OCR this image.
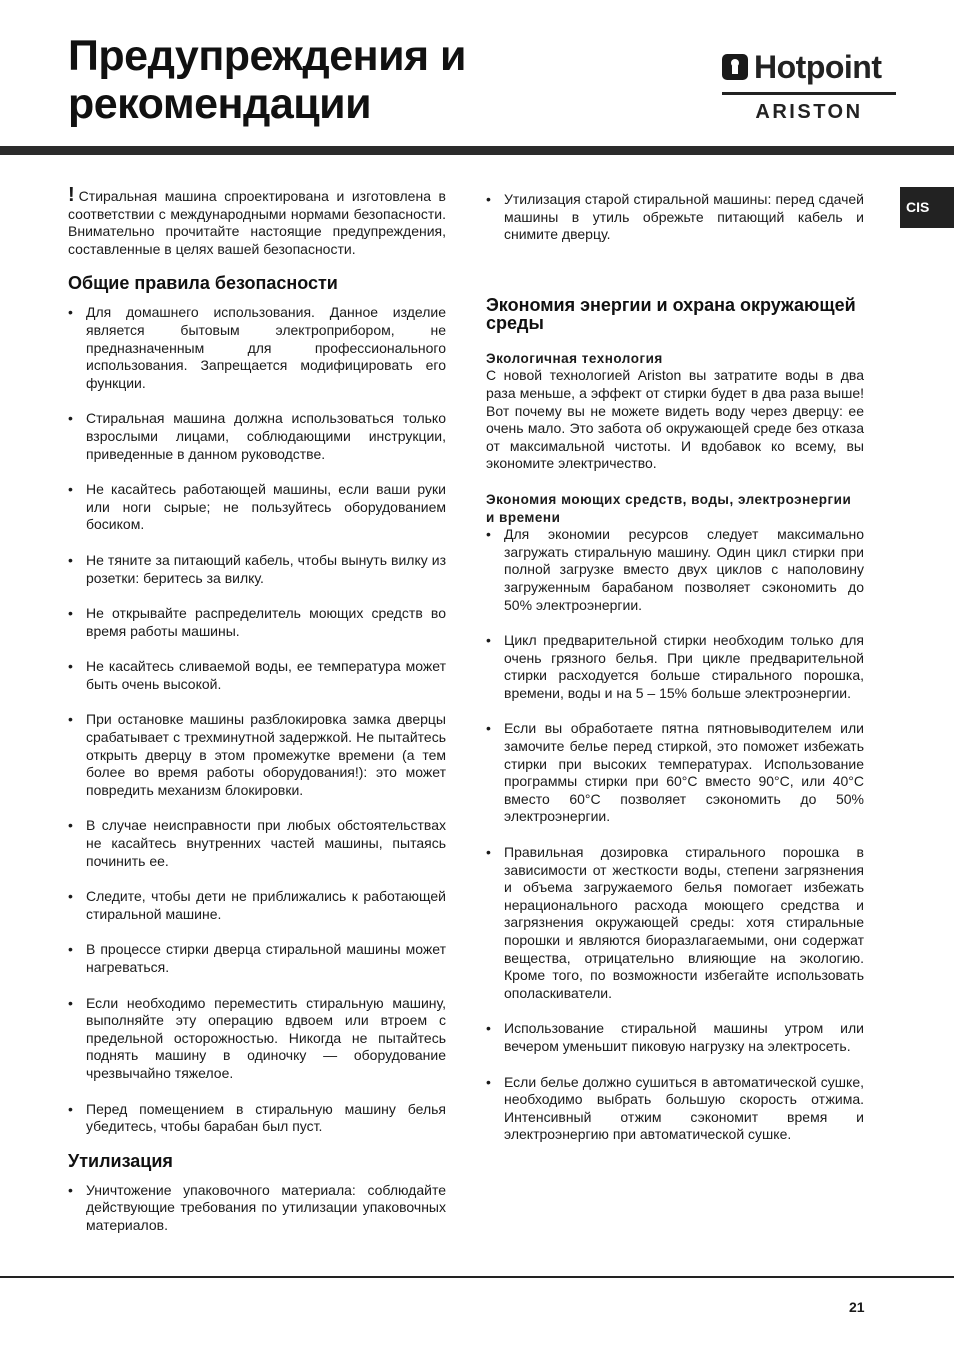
Предупреждения и рекомендации
Hotpoint
ARISTON
CIS

! Стиральная машина спроектирована и изготовлена в соответствии с международными нормами безопасности. Внимательно прочитайте настоящие предупреждения, составленные в целях вашей безопасности.

Общие правила безопасности
• Для домашнего использования. Данное изделие является бытовым электроприбором, не предназначенным для профессионального использования. Запрещается модифицировать его функции.
• Стиральная машина должна использоваться только взрослыми лицами, соблюдающими инструкции, приведенные в данном руководстве.
• Не касайтесь работающей машины, если ваши руки или ноги сырые; не пользуйтесь оборудованием босиком.
• Не тяните за питающий кабель, чтобы вынуть вилку из розетки: беритесь за вилку.
• Не открывайте распределитель моющих средств во время работы машины.
• Не касайтесь сливаемой воды, ее температура может быть очень высокой.
• При остановке машины разблокировка замка дверцы срабатывает с трехминутной задержкой. Не пытайтесь открыть дверцу в этом промежутке времени (а тем более во время работы оборудования!): это может повредить механизм блокировки.
• В случае неисправности при любых обстоятельствах не касайтесь внутренних частей машины, пытаясь починить ее.
• Следите, чтобы дети не приближались к работающей стиральной машине.
• В процессе стирки дверца стиральной машины может нагреваться.
• Если необходимо переместить стиральную машину, выполняйте эту операцию вдвоем или втроем с предельной осторожностью. Никогда не пытайтесь поднять машину в одиночку — оборудование чрезвычайно тяжелое.
• Перед помещением в стиральную машину белья убедитесь, чтобы барабан был пуст.
Утилизация
• Уничтожение упаковочного материала: соблюдайте действующие требования по утилизации упаковочных материалов.
• Утилизация старой стиральной машины: перед сдачей машины в утиль обрежьте питающий кабель и снимите дверцу.
Экономия энергии и охрана окружающей среды
Экологичная технология

С новой технологией Ariston вы затратите воды в два раза меньше, а эффект от стирки будет в два раза выше! Вот почему вы не можете видеть воду через дверцу: ее очень мало. Это забота об окружающей среде без отказа от максимальной чистоты. И вдобавок ко всему, вы экономите электричество.

Экономия моющих средств, воды, электроэнергии и времени
• Для экономии ресурсов следует максимально загружать стиральную машину. Один цикл стирки при полной загрузке вместо двух циклов с наполовину загруженным барабаном позволяет сэкономить до 50% электроэнергии.
• Цикл предварительной стирки необходим только для очень грязного белья. При цикле предварительной стирки расходуется больше стирального порошка, времени, воды и на 5 – 15% больше электроэнергии.
• Если вы обработаете пятна пятновыводителем или замочите белье перед стиркой, это поможет избежать стирки при высоких температурах. Использование программы стирки при 60°C вместо 90°C, или 40°C вместо 60°C позволяет сэкономить до 50% электроэнергии.
• Правильная дозировка стирального порошка в зависимости от жесткости воды, степени загрязнения и объема загружаемого белья помогает избежать нерационального расхода моющего средства и загрязнения окружающей среды: хотя стиральные порошки и являются биоразлагаемыми, они содержат вещества, отрицательно влияющие на экологию. Кроме того, по возможности избегайте использовать ополаскиватели.
• Использование стиральной машины утром или вечером уменьшит пиковую нагрузку на электросеть.
• Если белье должно сушиться в автоматической сушке, необходимо выбрать большую скорость отжима. Интенсивный отжим сэкономит время и электроэнергию при автоматической сушке.
21
